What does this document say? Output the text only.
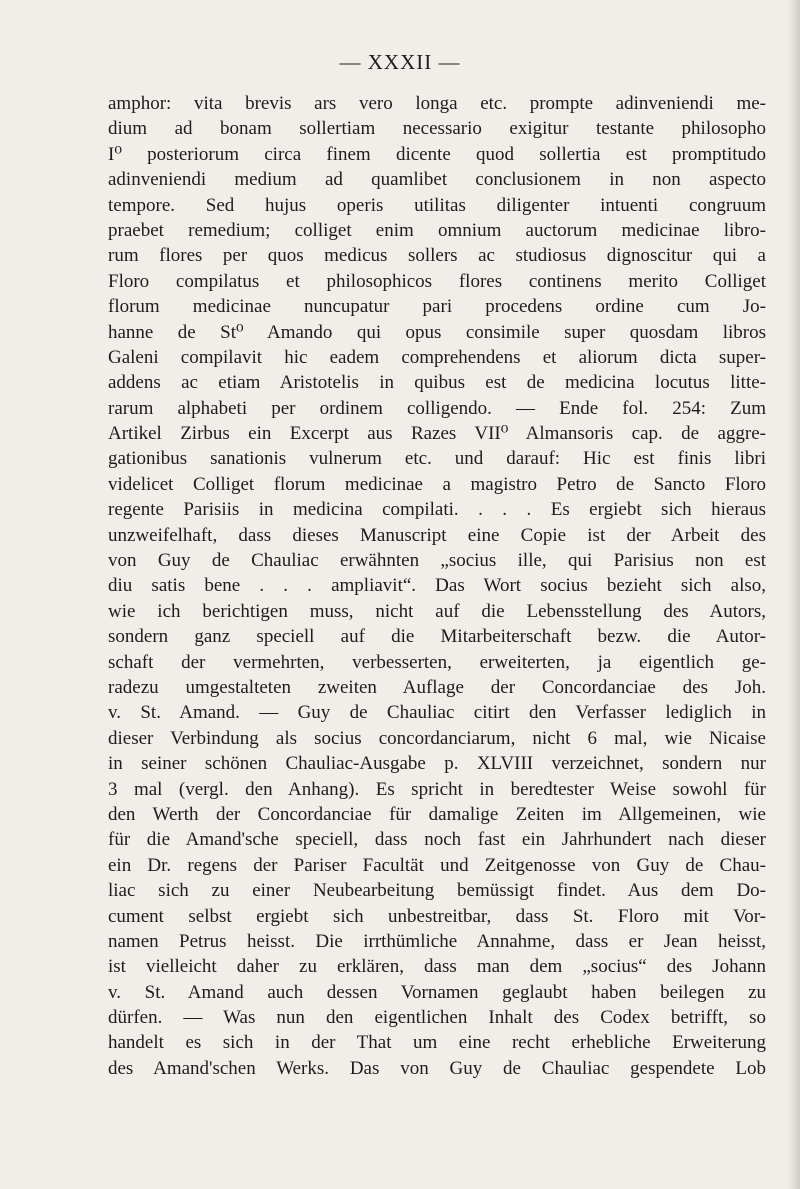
— XXXII —
amphor: vita brevis ars vero longa etc. prompte adinveniendi me-
dium ad bonam sollertiam necessario exigitur testante philosopho
I⁰ posteriorum circa finem dicente quod sollertia est promptitudo
adinveniendi medium ad quamlibet conclusionem in non aspecto
tempore. Sed hujus operis utilitas diligenter intuenti congruum
praebet remedium; colliget enim omnium auctorum medicinae libro-
rum flores per quos medicus sollers ac studiosus dignoscitur qui a
Floro compilatus et philosophicos flores continens merito Colliget
florum medicinae nuncupatur pari procedens ordine cum Jo-
hanne de St⁰ Amando qui opus consimile super quosdam libros
Galeni compilavit hic eadem comprehendens et aliorum dicta super-
addens ac etiam Aristotelis in quibus est de medicina locutus litte-
rarum alphabeti per ordinem colligendo. — Ende fol. 254: Zum
Artikel Zirbus ein Excerpt aus Razes VII⁰ Almansoris cap. de aggre-
gationibus sanationis vulnerum etc. und darauf: Hic est finis libri
videlicet Colliget florum medicinae a magistro Petro de Sancto Floro
regente Parisiis in medicina compilati. . . . Es ergiebt sich hieraus
unzweifelhaft, dass dieses Manuscript eine Copie ist der Arbeit des
von Guy de Chauliac erwähnten „socius ille, qui Parisius non est
diu satis bene . . . ampliavit“. Das Wort socius bezieht sich also,
wie ich berichtigen muss, nicht auf die Lebensstellung des Autors,
sondern ganz speciell auf die Mitarbeiterschaft bezw. die Autor-
schaft der vermehrten, verbesserten, erweiterten, ja eigentlich ge-
radezu umgestalteten zweiten Auflage der Concordanciae des Joh.
v. St. Amand. — Guy de Chauliac citirt den Verfasser lediglich in
dieser Verbindung als socius concordanciarum, nicht 6 mal, wie Nicaise
in seiner schönen Chauliac-Ausgabe p. XLVIII verzeichnet, sondern nur
3 mal (vergl. den Anhang). Es spricht in beredtester Weise sowohl für
den Werth der Concordanciae für damalige Zeiten im Allgemeinen, wie
für die Amand'sche speciell, dass noch fast ein Jahrhundert nach dieser
ein Dr. regens der Pariser Facultät und Zeitgenosse von Guy de Chau-
liac sich zu einer Neubearbeitung bemüssigt findet. Aus dem Do-
cument selbst ergiebt sich unbestreitbar, dass St. Floro mit Vor-
namen Petrus heisst. Die irrthümliche Annahme, dass er Jean heisst,
ist vielleicht daher zu erklären, dass man dem „socius“ des Johann
v. St. Amand auch dessen Vornamen geglaubt haben beilegen zu
dürfen. — Was nun den eigentlichen Inhalt des Codex betrifft, so
handelt es sich in der That um eine recht erhebliche Erweiterung
des Amand'schen Werks. Das von Guy de Chauliac gespendete Lob
